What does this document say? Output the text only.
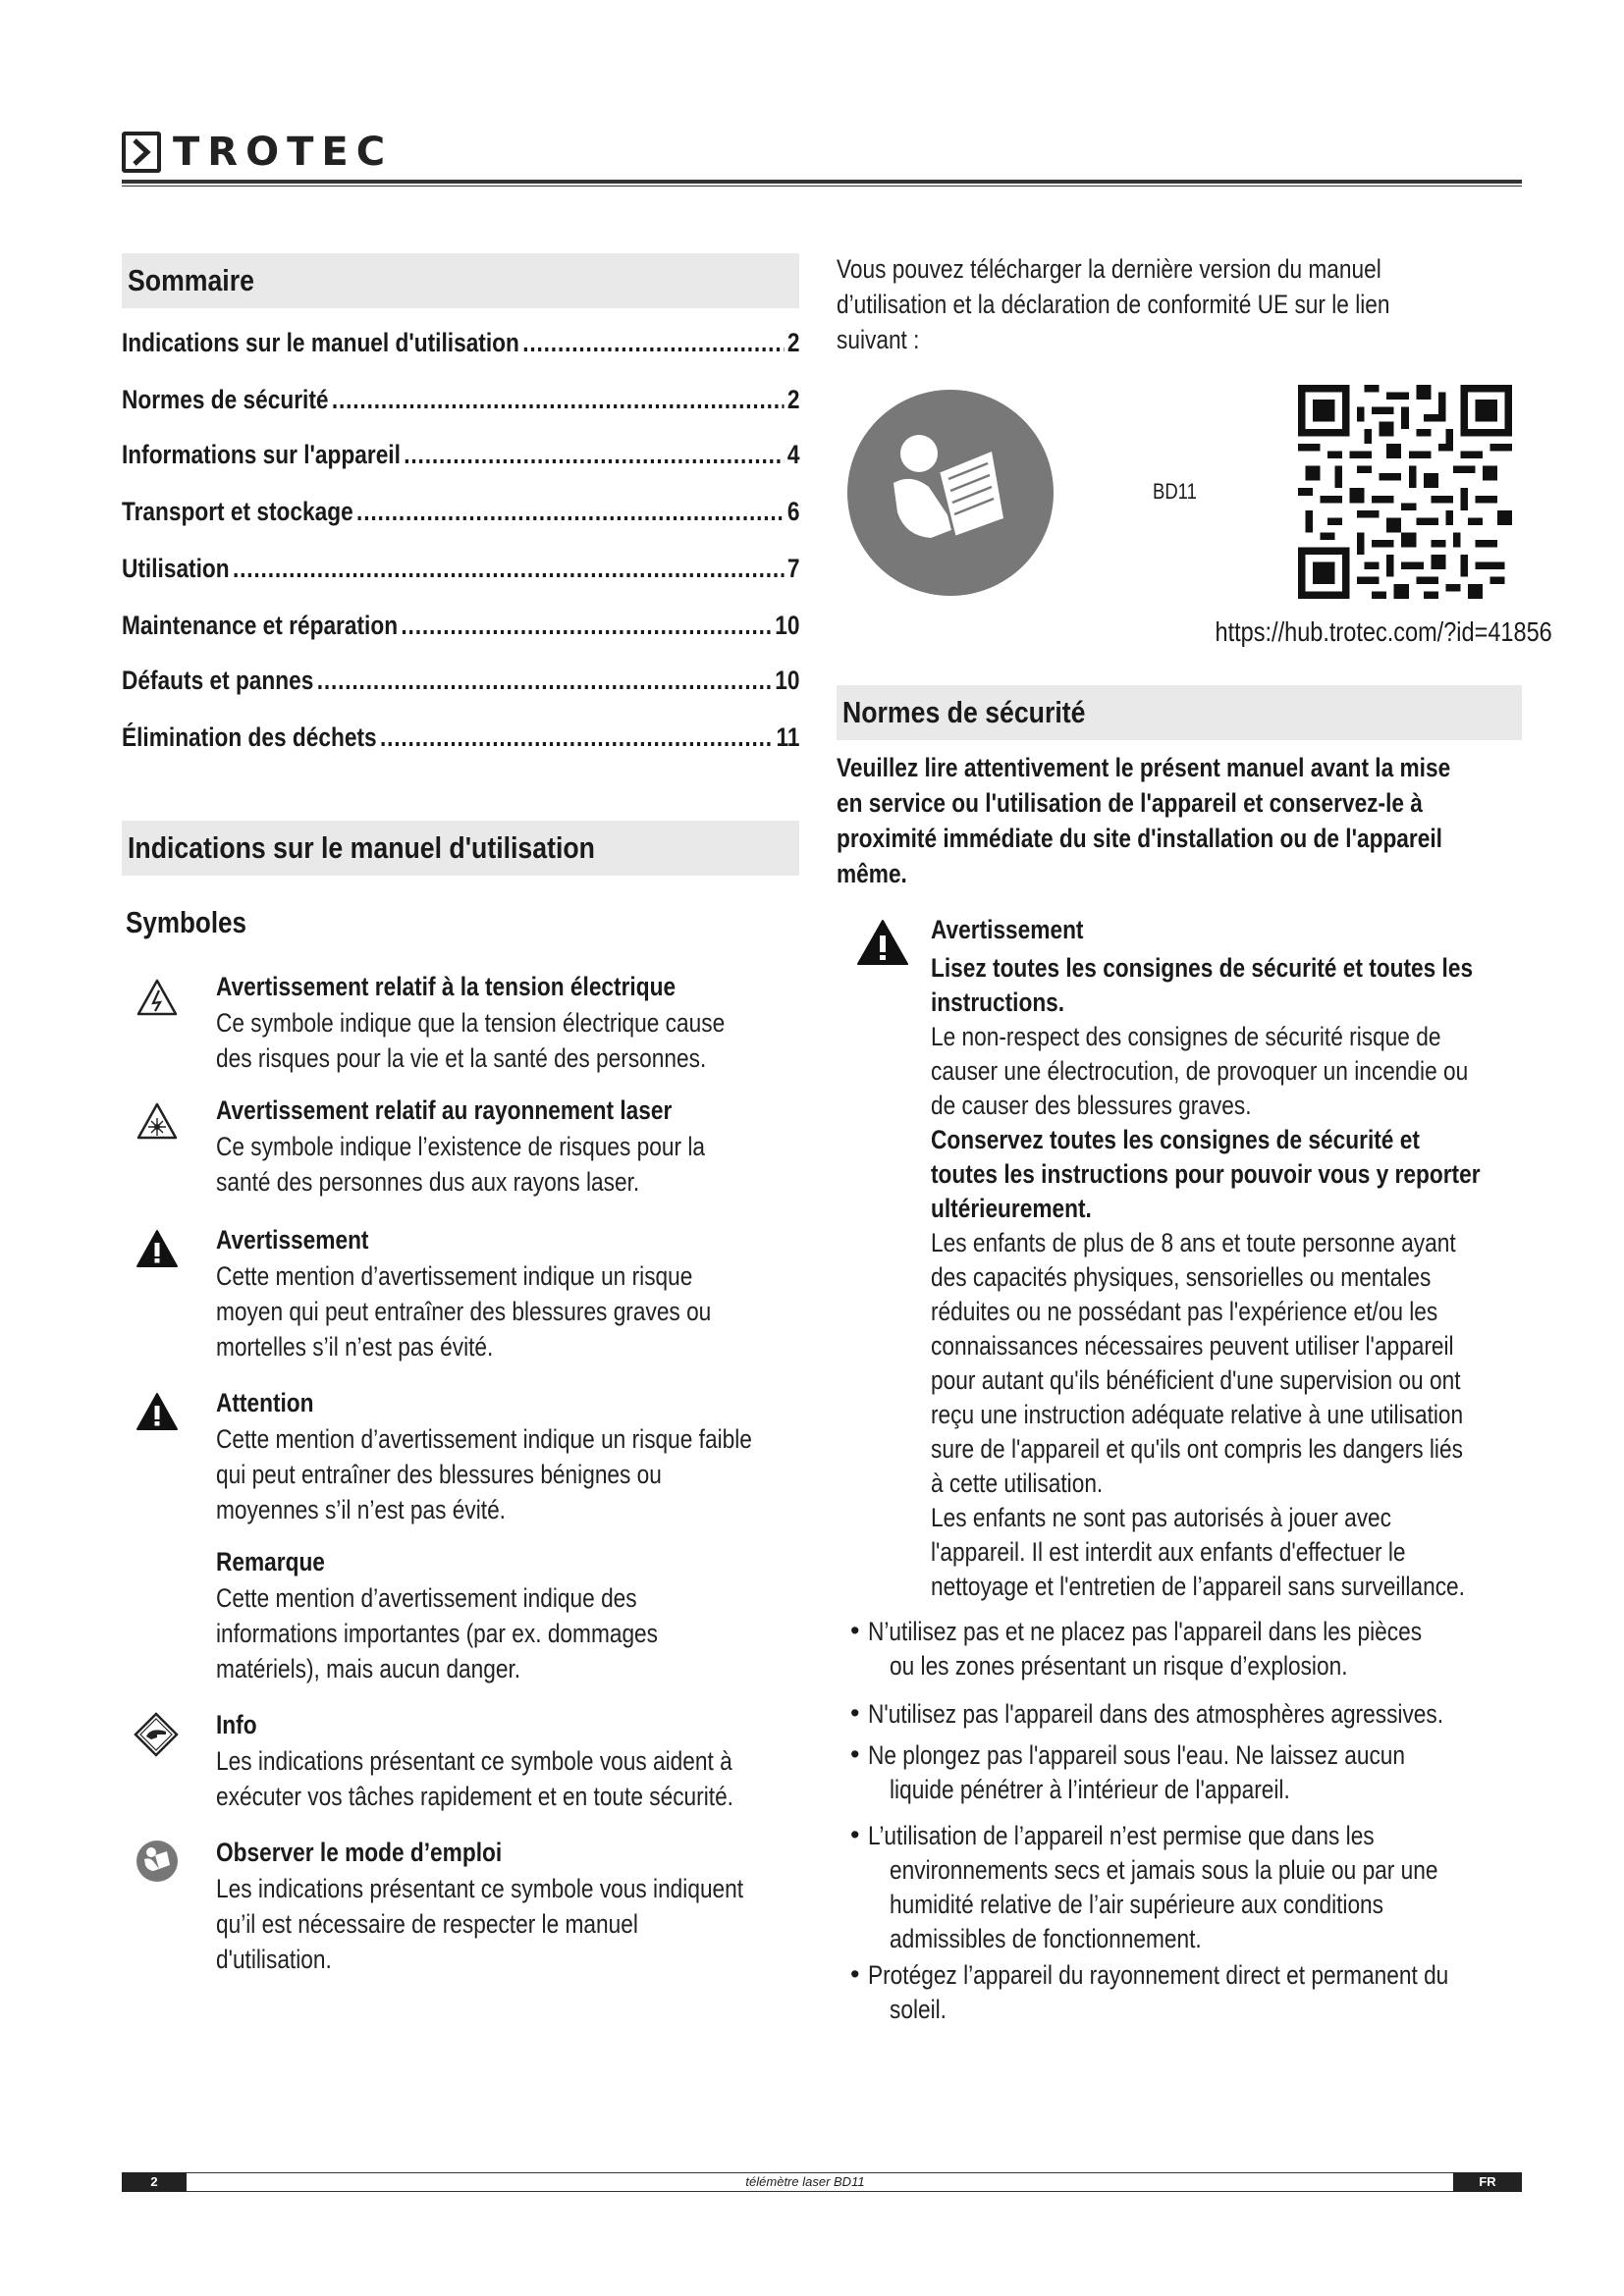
TROTEC
Sommaire
Indications sur le manuel d'utilisation .....	2
Normes de sécurité .....	2
Informations sur l'appareil .....	4
Transport et stockage .....	6
Utilisation .....	7
Maintenance et réparation .....	10
Défauts et pannes .....	10
Élimination des déchets .....	11
Indications sur le manuel d'utilisation
Symboles
Avertissement relatif à la tension électrique
Ce symbole indique que la tension électrique cause
des risques pour la vie et la santé des personnes.
Avertissement relatif au rayonnement laser
Ce symbole indique l’existence de risques pour la
santé des personnes dus aux rayons laser.
Avertissement
Cette mention d’avertissement indique un risque
moyen qui peut entraîner des blessures graves ou
mortelles s’il n’est pas évité.
Attention
Cette mention d’avertissement indique un risque faible
qui peut entraîner des blessures bénignes ou
moyennes s’il n’est pas évité.
Remarque
Cette mention d’avertissement indique des
informations importantes (par ex. dommages
matériels), mais aucun danger.
Info
Les indications présentant ce symbole vous aident à
exécuter vos tâches rapidement et en toute sécurité.
Observer le mode d’emploi
Les indications présentant ce symbole vous indiquent
qu’il est nécessaire de respecter le manuel
d'utilisation.
Vous pouvez télécharger la dernière version du manuel
d’utilisation et la déclaration de conformité UE sur le lien
suivant :
BD11
https://hub.trotec.com/?id=41856
Normes de sécurité
Veuillez lire attentivement le présent manuel avant la mise
en service ou l'utilisation de l'appareil et conservez-le à
proximité immédiate du site d'installation ou de l'appareil
même.
Avertissement
Lisez toutes les consignes de sécurité et toutes les
instructions.
Le non-respect des consignes de sécurité risque de
causer une électrocution, de provoquer un incendie ou
de causer des blessures graves.
Conservez toutes les consignes de sécurité et
toutes les instructions pour pouvoir vous y reporter
ultérieurement.
Les enfants de plus de 8 ans et toute personne ayant
des capacités physiques, sensorielles ou mentales
réduites ou ne possédant pas l'expérience et/ou les
connaissances nécessaires peuvent utiliser l'appareil
pour autant qu'ils bénéficient d'une supervision ou ont
reçu une instruction adéquate relative à une utilisation
sure de l'appareil et qu'ils ont compris les dangers liés
à cette utilisation.
Les enfants ne sont pas autorisés à jouer avec
l'appareil. Il est interdit aux enfants d'effectuer le
nettoyage et l'entretien de l’appareil sans surveillance.
• N’utilisez pas et ne placez pas l'appareil dans les pièces
ou les zones présentant un risque d’explosion.
• N'utilisez pas l'appareil dans des atmosphères agressives.
• Ne plongez pas l'appareil sous l'eau. Ne laissez aucun
liquide pénétrer à l’intérieur de l'appareil.
• L’utilisation de l’appareil n’est permise que dans les
environnements secs et jamais sous la pluie ou par une
humidité relative de l’air supérieure aux conditions
admissibles de fonctionnement.
• Protégez l’appareil du rayonnement direct et permanent du
soleil.
2	télémètre laser BD11	FR
